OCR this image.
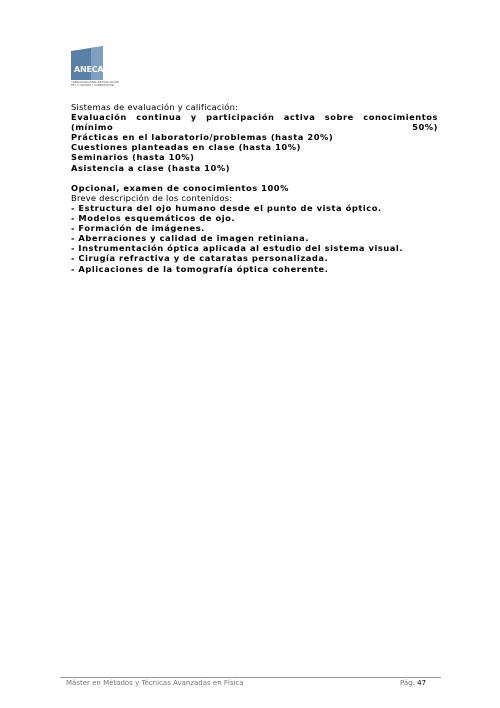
ANECA
AGENCIA NACIONAL DE EVALUACIÓN
DE LA CALIDAD Y ACREDITACIÓN

Sistemas de evaluación y calificación:

Evaluación continua y participación activa sobre conocimientos (mínimo 50%)

Prácticas en el laboratorio/problemas (hasta 20%)

Cuestiones planteadas en clase (hasta 10%)

Seminarios (hasta 10%)

Asistencia a clase (hasta 10%)

Opcional, examen de conocimientos 100%

Breve descripción de los contenidos:

- Estructura del ojo humano desde el punto de vista óptico.

- Modelos esquemáticos de ojo.

- Formación de imágenes.

- Aberraciones y calidad de imagen retiniana.

- Instrumentación óptica aplicada al estudio del sistema visual.

- Cirugía refractiva y de cataratas personalizada.

- Aplicaciones de la tomografía óptica coherente.

Máster en Métodos y Técnicas Avanzadas en Física	Pág. 47
